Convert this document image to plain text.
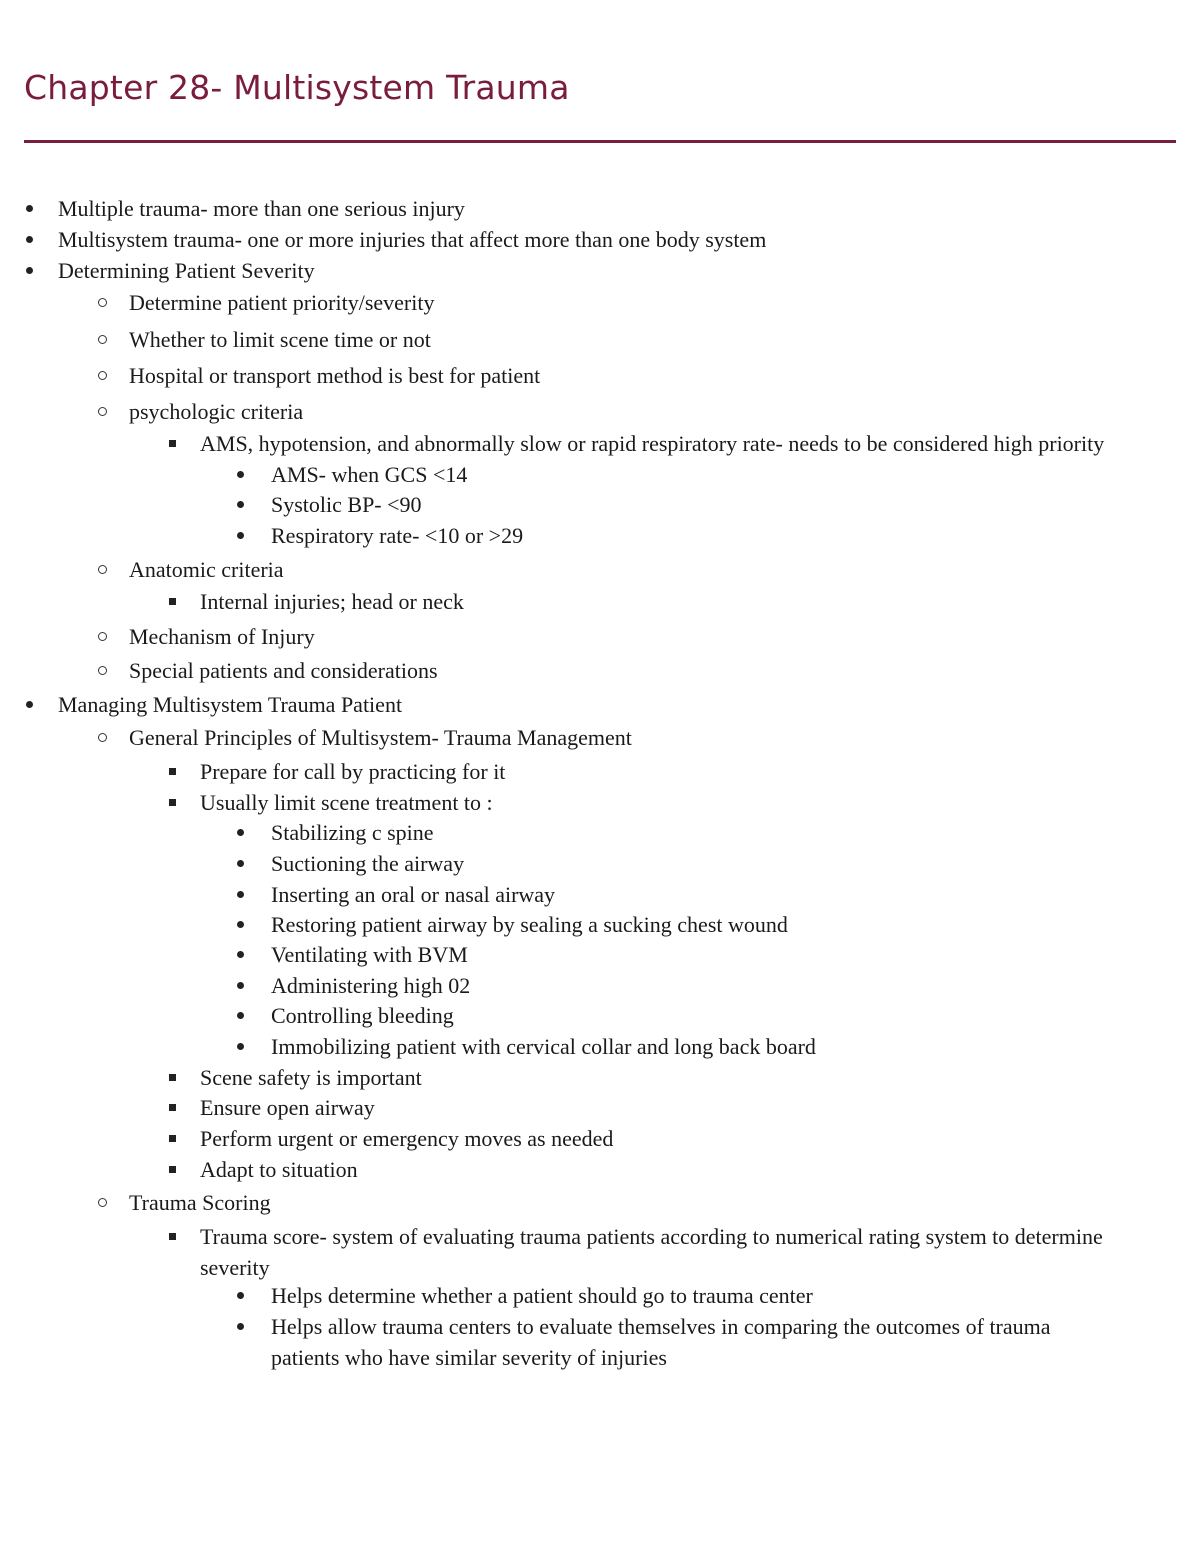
Chapter 28- Multisystem Trauma
Multiple trauma- more than one serious injury
Multisystem trauma- one or more injuries that affect more than one body system
Determining Patient Severity
Determine patient priority/severity
Whether to limit scene time or not
Hospital or transport method is best for patient
psychologic criteria
AMS, hypotension, and abnormally slow or rapid respiratory rate- needs to be considered high priority
AMS- when GCS <14
Systolic BP- <90
Respiratory rate- <10 or >29
Anatomic criteria
Internal injuries; head or neck
Mechanism of Injury
Special patients and considerations
Managing Multisystem Trauma Patient
General Principles of Multisystem- Trauma Management
Prepare for call by practicing for it
Usually limit scene treatment to :
Stabilizing c spine
Suctioning the airway
Inserting an oral or nasal airway
Restoring patient airway by sealing a sucking chest wound
Ventilating with BVM
Administering high 02
Controlling bleeding
Immobilizing patient with cervical collar and long back board
Scene safety is important
Ensure open airway
Perform urgent or emergency moves as needed
Adapt to situation
Trauma Scoring
Trauma score- system of evaluating trauma patients according to numerical rating system to determine severity
Helps determine whether a patient should go to trauma center
Helps allow trauma centers to evaluate themselves in comparing the outcomes of trauma patients who have similar severity of injuries
